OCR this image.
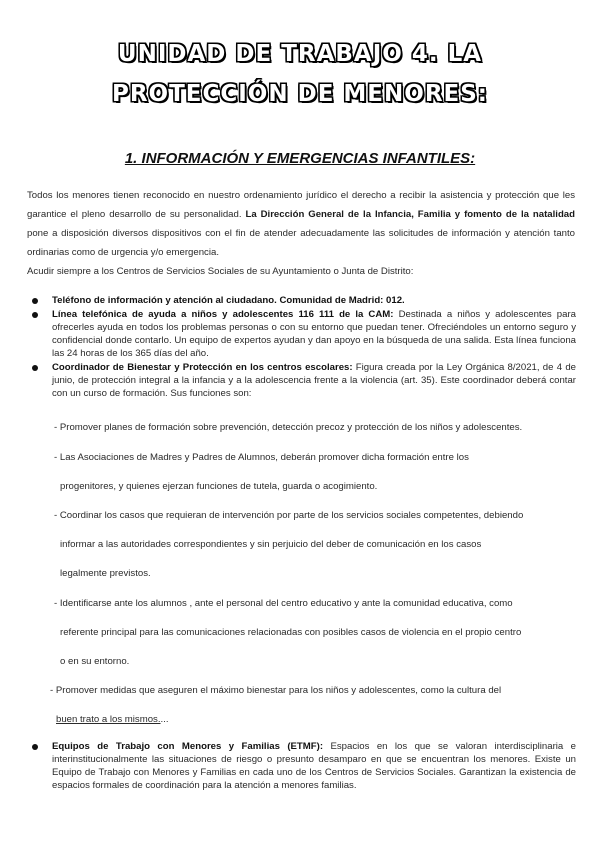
UNIDAD DE TRABAJO 4. LA
PROTECCIÓN DE MENORES:
1. INFORMACIÓN Y EMERGENCIAS INFANTILES:
Todos los menores tienen reconocido en nuestro ordenamiento jurídico el derecho a recibir la asistencia y protección que les garantice el pleno desarrollo de su personalidad. La Dirección General de la Infancia, Familia y fomento de la natalidad pone a disposición diversos dispositivos con el fin de atender adecuadamente las solicitudes de información y atención tanto ordinarias como de urgencia y/o emergencia.
Acudir siempre a los Centros de Servicios Sociales de su Ayuntamiento o Junta de Distrito:
Teléfono de información y atención al ciudadano. Comunidad de Madrid: 012.
Línea telefónica de ayuda a niños y adolescentes 116 111 de la CAM: Destinada a niños y adolescentes para ofrecerles ayuda en todos los problemas personas o con su entorno que puedan tener. Ofreciéndoles un entorno seguro y confidencial donde contarlo. Un equipo de expertos ayudan y dan apoyo en la búsqueda de una salida. Esta línea funciona las 24 horas de los 365 días del año.
Coordinador de Bienestar y Protección en los centros escolares: Figura creada por la Ley Orgánica 8/2021, de 4 de junio, de protección integral a la infancia y a la adolescencia frente a la violencia (art. 35). Este coordinador deberá contar con un curso de formación. Sus funciones son:
- Promover planes de formación sobre prevención, detección precoz y protección de los niños y adolescentes.
- Las Asociaciones de Madres y Padres de Alumnos, deberán promover dicha formación entre los
progenitores, y quienes ejerzan funciones de tutela, guarda o acogimiento.
- Coordinar los casos que requieran de intervención por parte de los servicios sociales competentes, debiendo
informar a las autoridades correspondientes y sin perjuicio del deber de comunicación en los casos
legalmente previstos.
- Identificarse ante los alumnos , ante el personal del centro educativo y ante la comunidad educativa, como
referente principal para las comunicaciones relacionadas con posibles casos de violencia en el propio centro
o en su entorno.
- Promover medidas que aseguren el máximo bienestar para los niños y adolescentes, como la cultura del
buen trato a los mismos....
Equipos de Trabajo con Menores y Familias (ETMF): Espacios en los que se valoran interdisciplinaria e interinstitucionalmente las situaciones de riesgo o presunto desamparo en que se encuentran los menores. Existe un Equipo de Trabajo con Menores y Familias en cada uno de los Centros de Servicios Sociales. Garantizan la existencia de espacios formales de coordinación para la atención a menores familias.
